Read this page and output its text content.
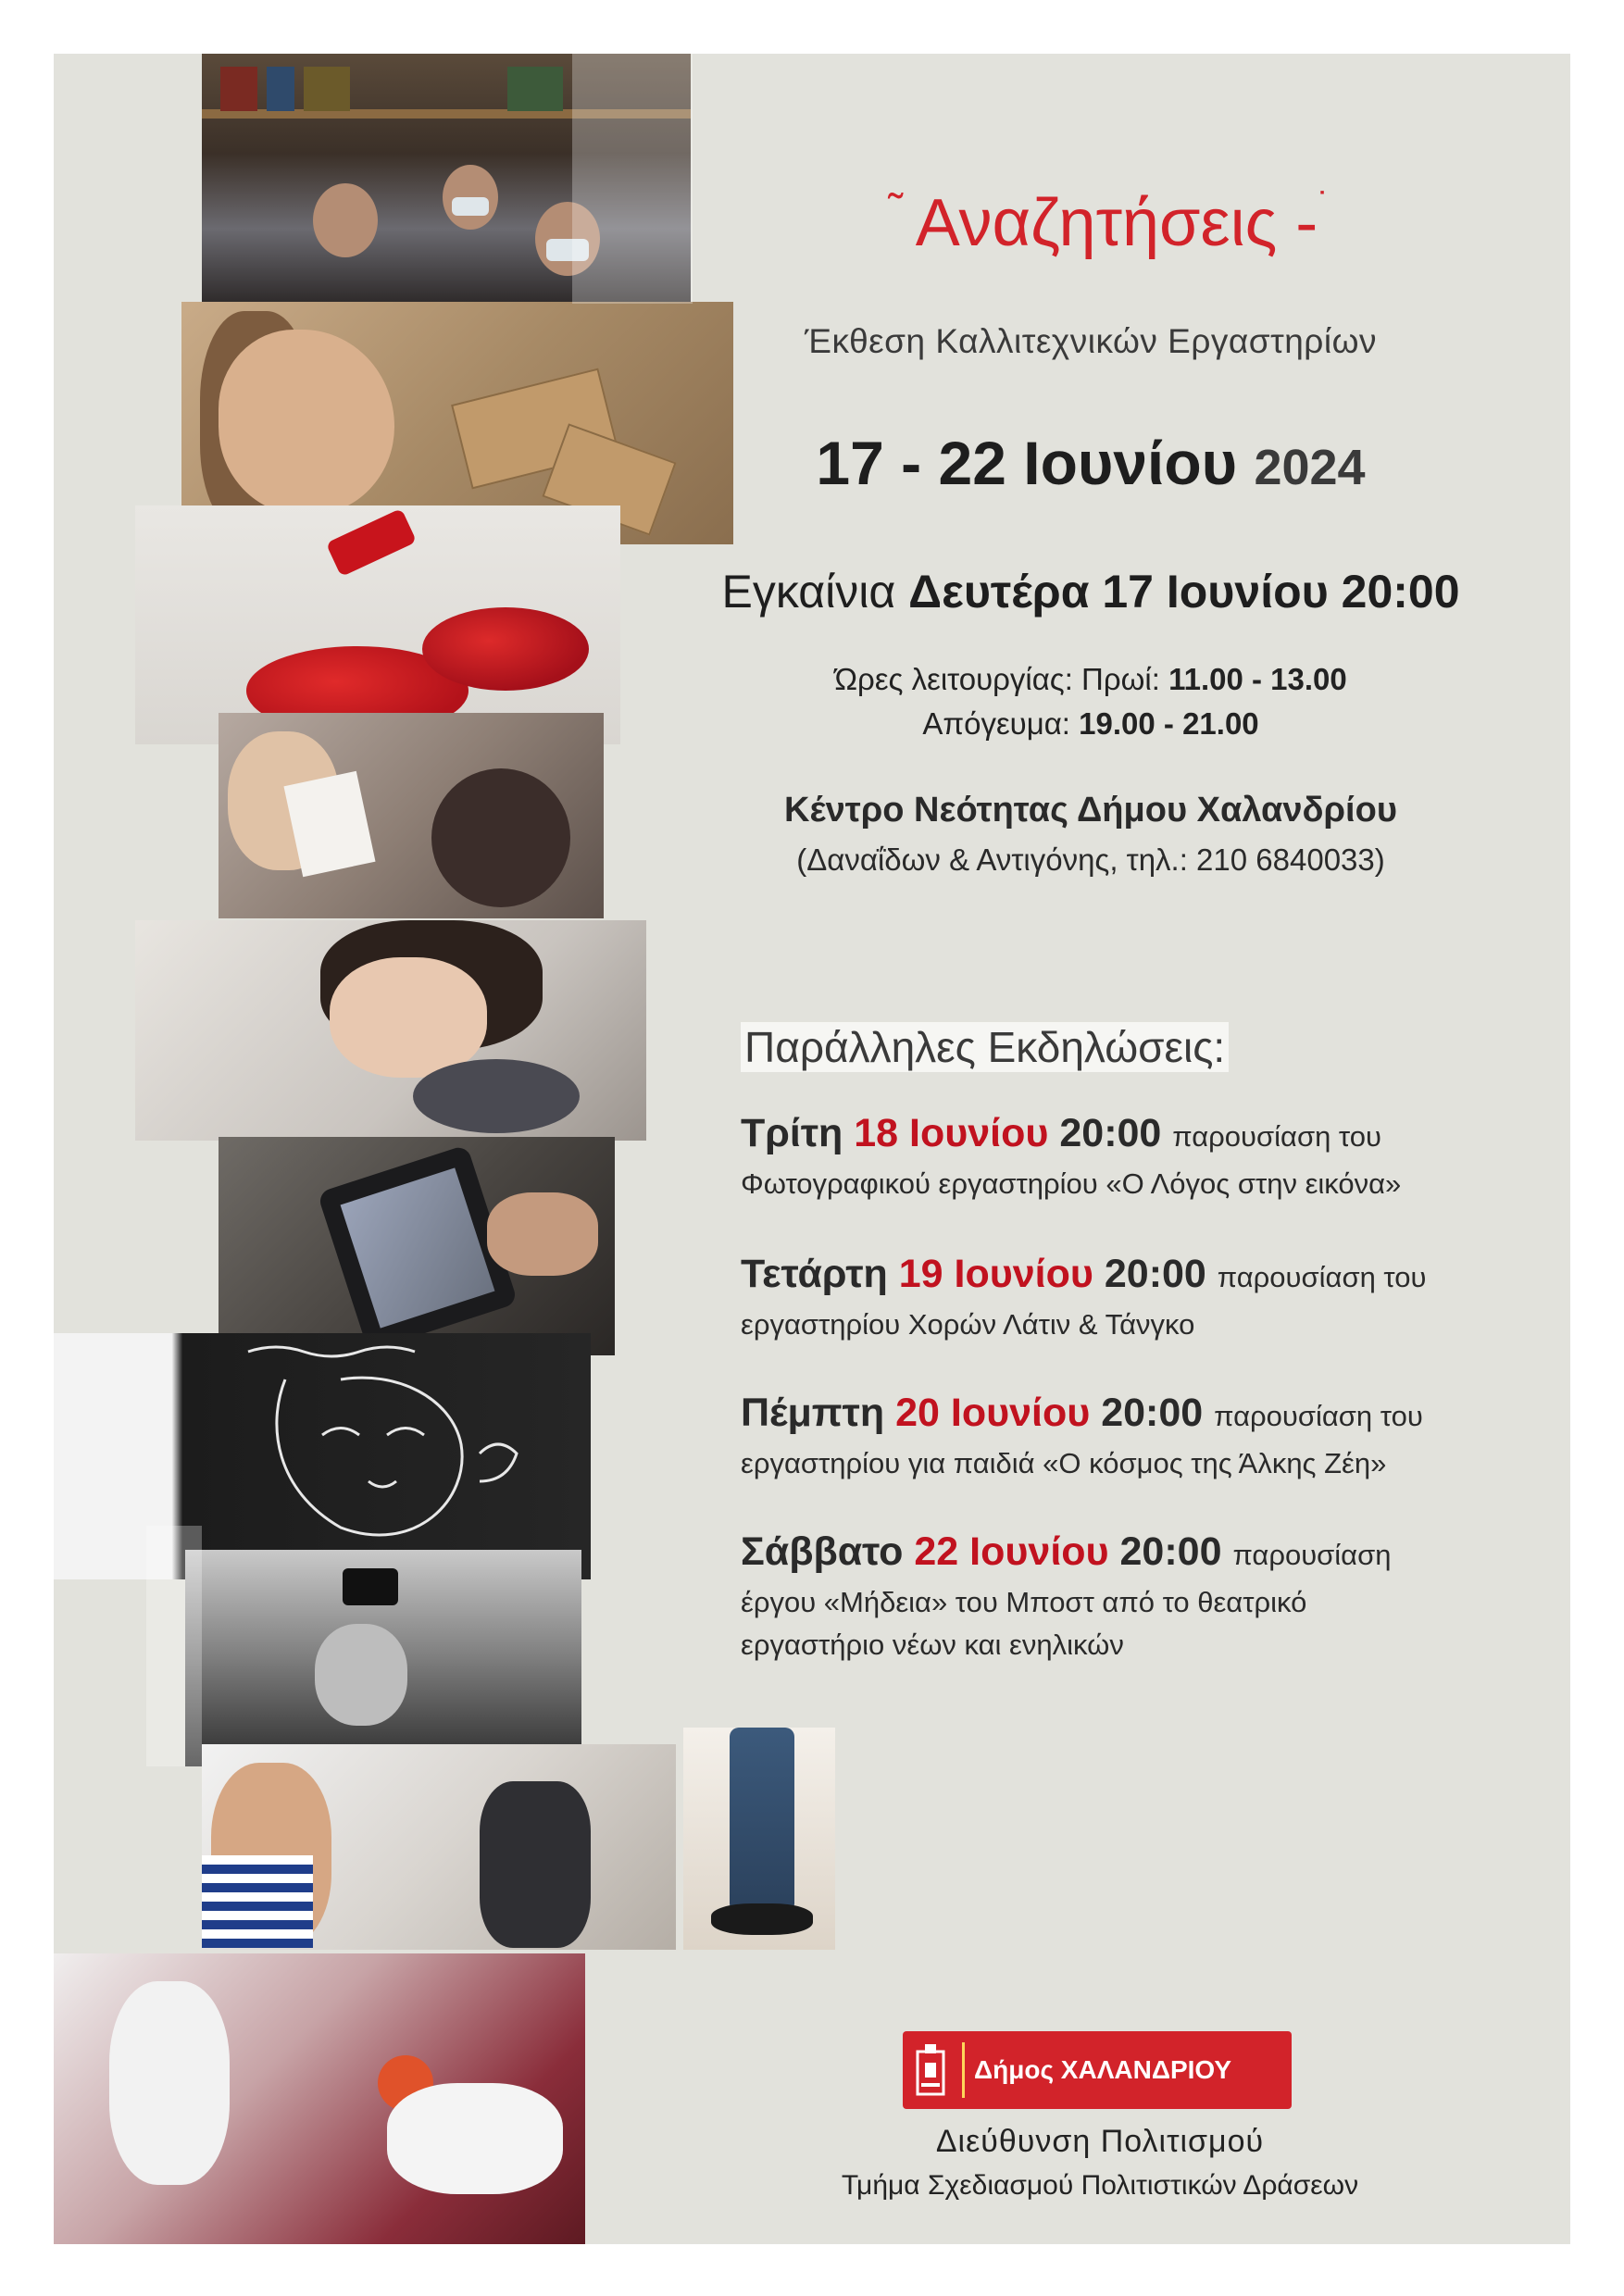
˜ Αναζητήσεις -˙
Έκθεση Καλλιτεχνικών Εργαστηρίων
17 - 22 Ιουνίου 2024
Εγκαίνια Δευτέρα 17 Ιουνίου 20:00
Ώρες λειτουργίας: Πρωί: 11.00 - 13.00
Απόγευμα: 19.00 - 21.00
Κέντρο Νεότητας Δήμου Χαλανδρίου
(Δαναΐδων & Αντιγόνης, τηλ.: 210 6840033)
Παράλληλες Εκδηλώσεις:
Τρίτη 18 Ιουνίου 20:00 παρουσίαση του
Φωτογραφικού εργαστηρίου «Ο Λόγος στην εικόνα»
Τετάρτη 19 Ιουνίου 20:00 παρουσίαση του
εργαστηρίου Χορών Λάτιν & Τάνγκο
Πέμπτη 20 Ιουνίου 20:00 παρουσίαση του
εργαστηρίου για παιδιά «Ο κόσμος της Άλκης Ζέη»
Σάββατο 22 Ιουνίου 20:00 παρουσίαση
έργου «Μήδεια» του Μποστ από το θεατρικό
εργαστήριο νέων και ενηλικών
Δήμος ΧΑΛΑΝΔΡΙΟΥ
Διεύθυνση Πολιτισμού
Τμήμα Σχεδιασμού Πολιτιστικών Δράσεων
